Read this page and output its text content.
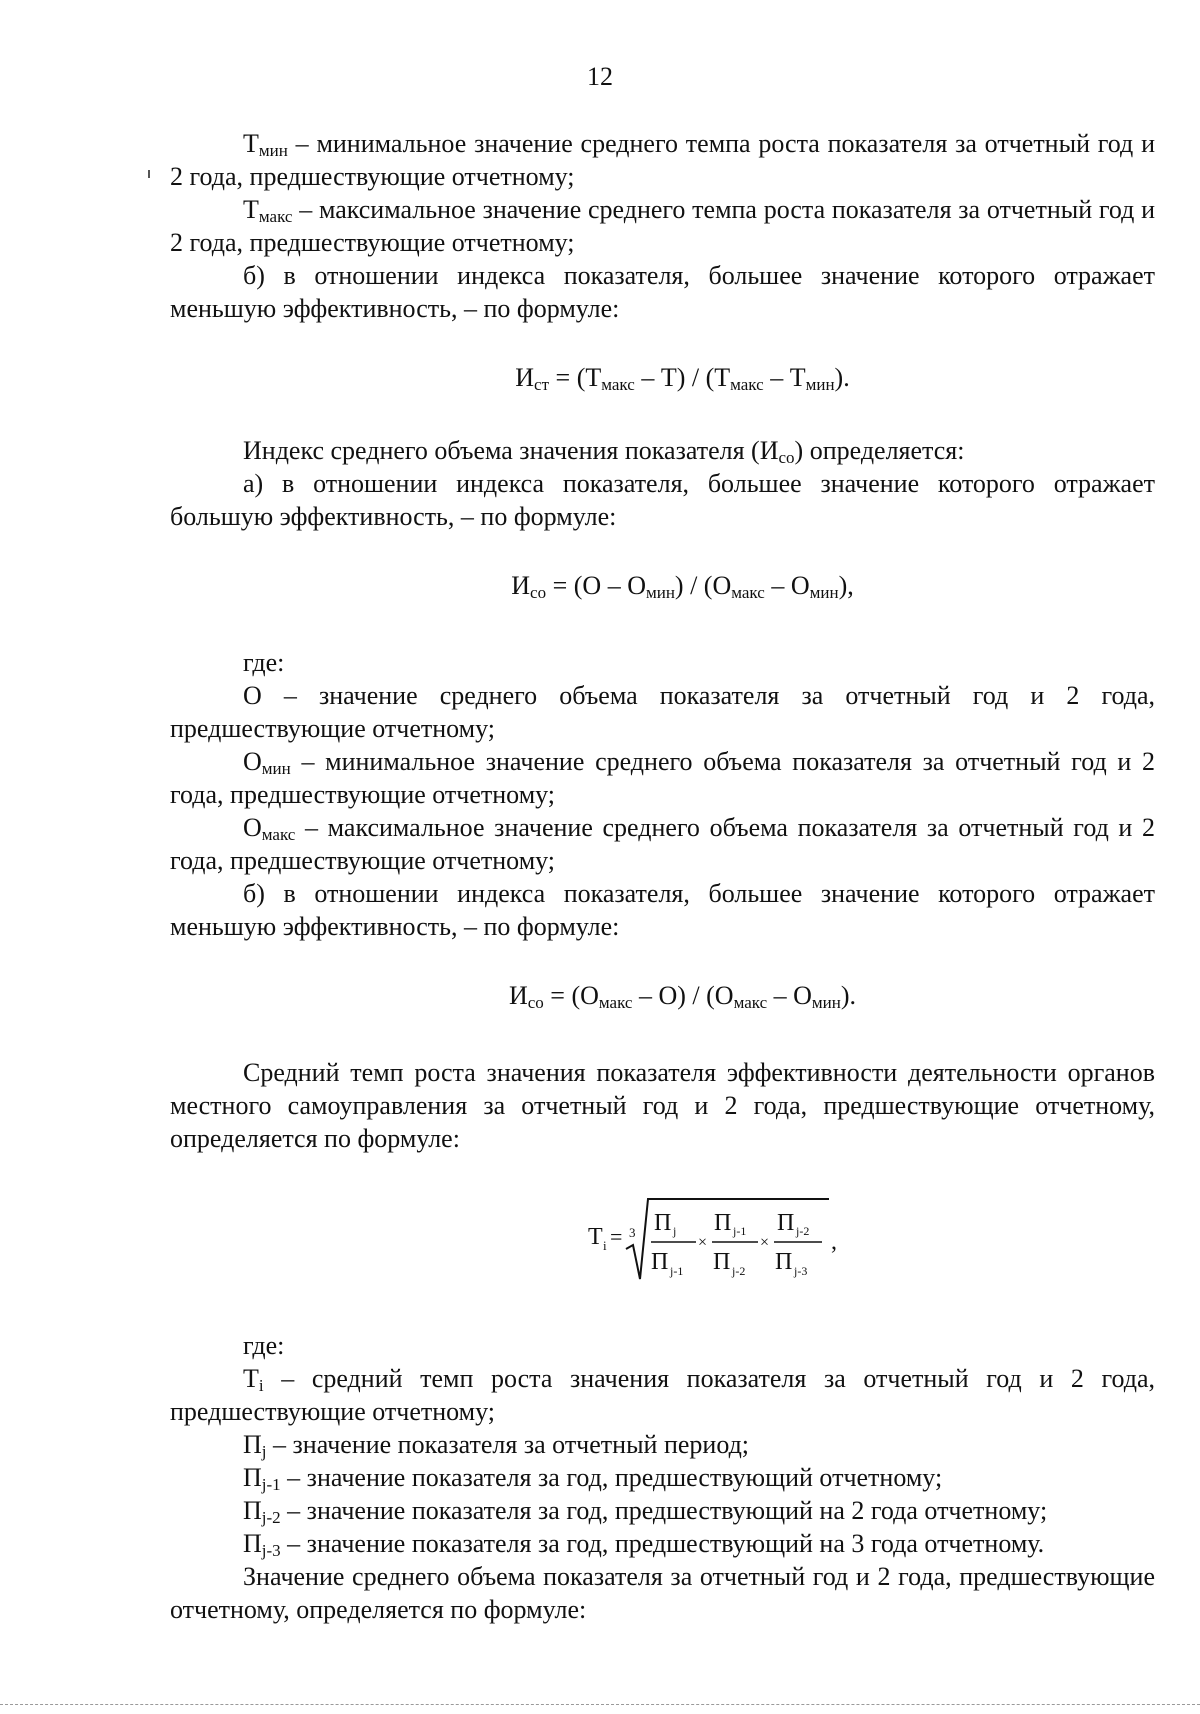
12

$Т_{мин}$ – минимальное значение среднего темпа роста показателя за отчетный год и 2 года, предшествующие отчетному;

$Т_{макс}$ – максимальное значение среднего темпа роста показателя за отчетный год и 2 года, предшествующие отчетному;

б) в отношении индекса показателя, большее значение которого отражает меньшую эффективность, – по формуле:

$И_{ст} = (Т_{макс} - Т) / (Т_{макс} - Т_{мин})$.

Индекс среднего объема значения показателя $(И_{со})$ определяется:

а) в отношении индекса показателя, большее значение которого отражает большую эффективность, – по формуле:

$И_{со} = (О - О_{мин}) / (О_{макс} - О_{мин})$,

где:

О – значение среднего объема показателя за отчетный год и 2 года, предшествующие отчетному;

$О_{мин}$ – минимальное значение среднего объема показателя за отчетный год и 2 года, предшествующие отчетному;

$О_{макс}$ – максимальное значение среднего объема показателя за отчетный год и 2 года, предшествующие отчетному;

б) в отношении индекса показателя, большее значение которого отражает меньшую эффективность, – по формуле:

$И_{со} = (О_{макс} - О) / (О_{макс} - О_{мин})$.

Средний темп роста значения показателя эффективности деятельности органов местного самоуправления за отчетный год и 2 года, предшествующие отчетному, определяется по формуле:

T i = 3 П j
П j-1
×
П j-1
П j-2
×
П j-2
П j-3
,

где:

$Т_i$ – средний темп роста значения показателя за отчетный год и 2 года, предшествующие отчетному;

$П_j$ – значение показателя за отчетный период;

$П_{j-1}$ – значение показателя за год, предшествующий отчетному;

$П_{j-2}$ – значение показателя за год, предшествующий на 2 года отчетному;

$П_{j-3}$ – значение показателя за год, предшествующий на 3 года отчетному.

Значение среднего объема показателя за отчетный год и 2 года, предшествующие отчетному, определяется по формуле:
